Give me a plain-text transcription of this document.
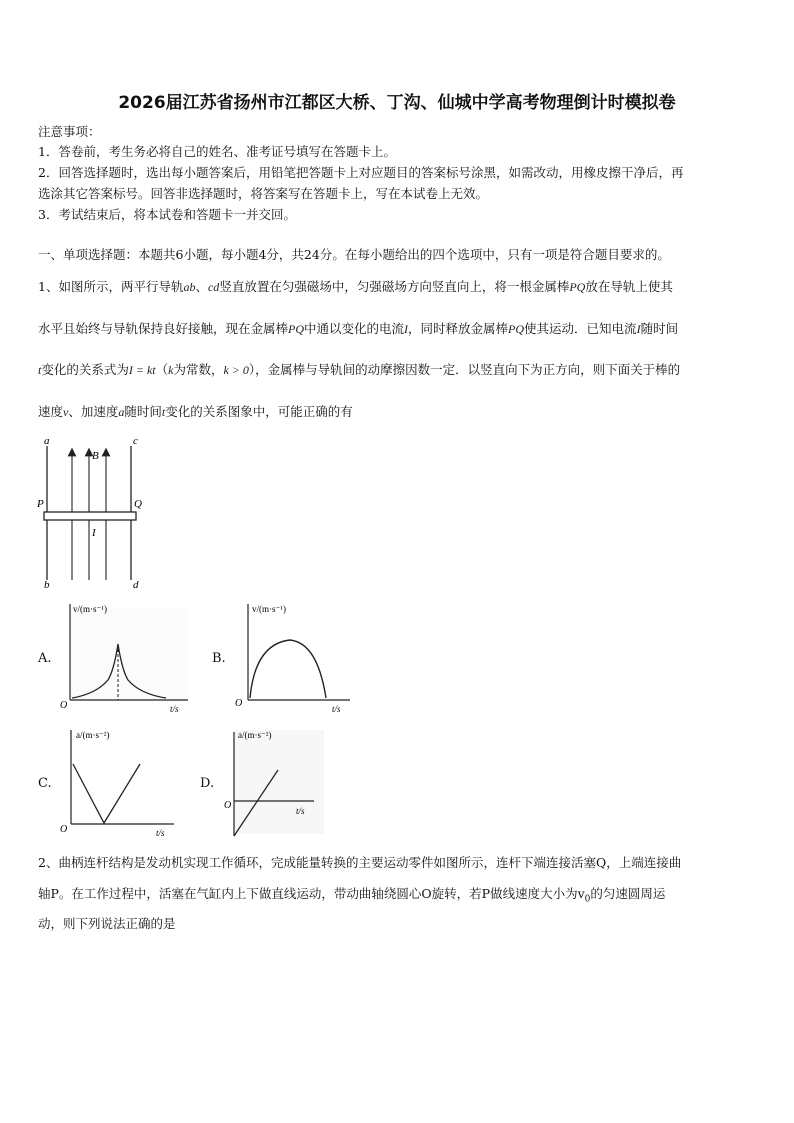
2026届江苏省扬州市江都区大桥、丁沟、仙城中学高考物理倒计时模拟卷
注意事项：
1．答卷前，考生务必将自己的姓名、准考证号填写在答题卡上。
2．回答选择题时，选出每小题答案后，用铅笔把答题卡上对应题目的答案标号涂黑，如需改动，用橡皮擦干净后，再
选涂其它答案标号。回答非选择题时，将答案写在答题卡上，写在本试卷上无效。
3．考试结束后，将本试卷和答题卡一并交回。
一、单项选择题：本题共6小题，每小题4分，共24分。在每小题给出的四个选项中，只有一项是符合题目要求的。
1、如图所示，两平行导轨ab、cd竖直放置在匀强磁场中，匀强磁场方向竖直向上，将一根金属棒PQ放在导轨上使其
水平且始终与导轨保持良好接触，现在金属棒PQ中通以变化的电流I，同时释放金属棒PQ使其运动．已知电流I随时间
t变化的关系式为I = kt（k为常数，k > 0），金属棒与导轨间的动摩擦因数一定．以竖直向下为正方向，则下面关于棒的
速度v、加速度a随时间t变化的关系图象中，可能正确的有
a	c
b	d
P	Q
B
I
A.
v/(m·s⁻¹)
t/s
O
B.
v/(m·s⁻¹)
t/s
O
C.
a/(m·s⁻²)
t/s
O
D.
a/(m·s⁻²)
t/s
O
2、曲柄连杆结构是发动机实现工作循环，完成能量转换的主要运动零件如图所示，连杆下端连接活塞Q，上端连接曲
轴P。在工作过程中，活塞在气缸内上下做直线运动，带动曲轴绕圆心O旋转，若P做线速度大小为$v_0$的匀速圆周运
动，则下列说法正确的是
